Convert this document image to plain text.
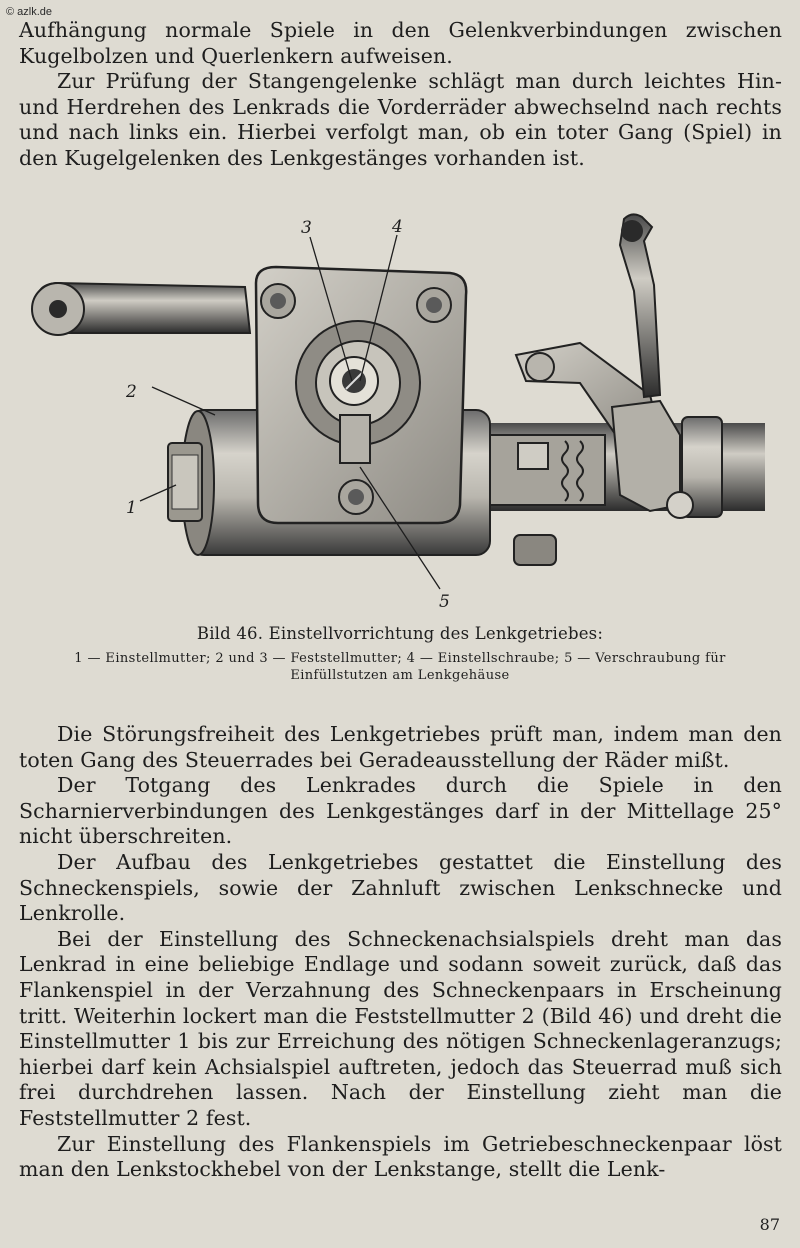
© azlk.de

Aufhängung normale Spiele in den Gelenkverbindungen zwischen Kugelbolzen und Querlenkern aufweisen.

Zur Prüfung der Stangengelenke schlägt man durch leichtes Hin- und Herdrehen des Lenkrads die Vorderräder abwechselnd nach rechts und nach links ein. Hierbei verfolgt man, ob ein toter Gang (Spiel) in den Kugelgelenken des Lenkgestänges vorhanden ist.

2
1
3	4
5
Bild 46. Einstellvorrichtung des Lenkgetriebes:
1 — Einstellmutter; 2 und 3 — Feststellmutter; 4 — Einstellschraube; 5 — Verschraubung für Einfüllstutzen am Lenkgehäuse

Die Störungsfreiheit des Lenkgetriebes prüft man, indem man den toten Gang des Steuerrades bei Geradeausstellung der Räder mißt.

Der Totgang des Lenkrades durch die Spiele in den Scharnierverbindungen des Lenkgestänges darf in der Mittellage 25° nicht überschreiten.

Der Aufbau des Lenkgetriebes gestattet die Einstellung des Schneckenspiels, sowie der Zahnluft zwischen Lenkschnecke und Lenkrolle.

Bei der Einstellung des Schneckenachsialspiels dreht man das Lenkrad in eine beliebige Endlage und sodann soweit zurück, daß das Flankenspiel in der Verzahnung des Schneckenpaars in Erscheinung tritt. Weiterhin lockert man die Feststellmutter 2 (Bild 46) und dreht die Einstellmutter 1 bis zur Erreichung des nötigen Schneckenlageranzugs; hierbei darf kein Achsialspiel auftreten, jedoch das Steuerrad muß sich frei durchdrehen lassen. Nach der Einstellung zieht man die Feststellmutter 2 fest.

Zur Einstellung des Flankenspiels im Getriebeschneckenpaar löst man den Lenkstockhebel von der Lenkstange, stellt die Lenk-

87
